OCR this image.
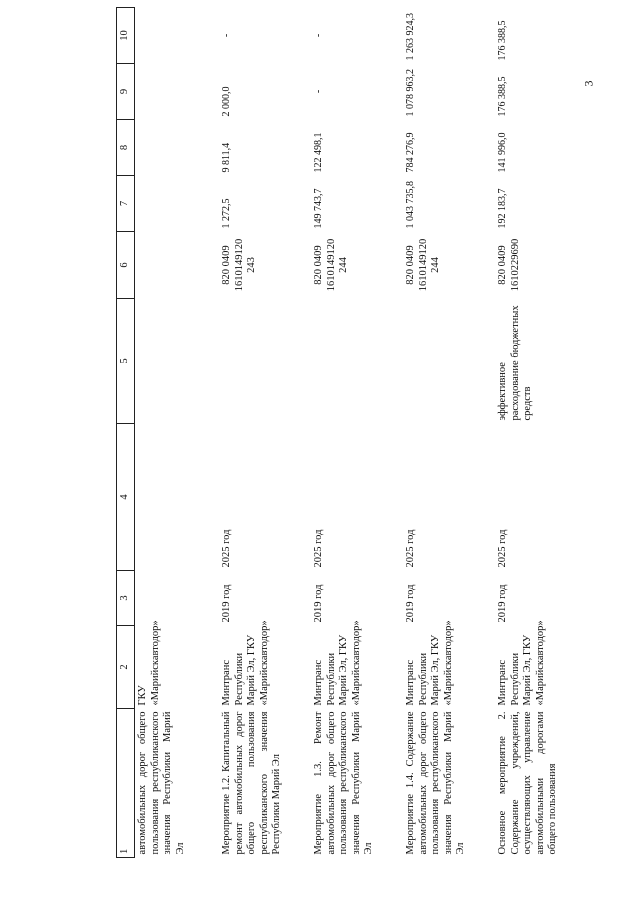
3
1	2	3	4	5	6	7	8	9	10
автомобильных дорог общего пользования республиканского значения Республики Марий Эл	ГКУ «Марийскавтодор»								
Мероприятие 1.2. Капитальный ремонт автомобильных дорог общего пользования республиканского значения Республики Марий Эл	Минтранс Республики Марий Эл, ГКУ «Марийскавтодор»	2019 год	2025 год		820 0409 1610149120 243	1 272,5	9 811,4	2 000,0	-
Мероприятие 1.3. Ремонт автомобильных дорог общего пользования республиканского значения Республики Марий Эл	Минтранс Республики Марий Эл, ГКУ «Марийскавтодор»	2019 год	2025 год		820 0409 1610149120 244	149 743,7	122 498,1	-	-
Мероприятие 1.4. Содержание автомобильных дорог общего пользования республиканского значения Республики Марий Эл	Минтранс Республики Марий Эл, ГКУ «Марийскавтодор»	2019 год	2025 год		820 0409 1610149120 244	1 043 735,8	784 276,9	1 078 963,2	1 263 924,3
Основное мероприятие 2. Содержание учреждений, осуществляющих управление автомобильными дорогами общего пользования	Минтранс Республики Марий Эл, ГКУ «Марийскавтодор»	2019 год	2025 год	эффективное расходование бюджетных средств	820 0409 1610229690	192 183,7	141 996,0	176 388,5	176 388,5
